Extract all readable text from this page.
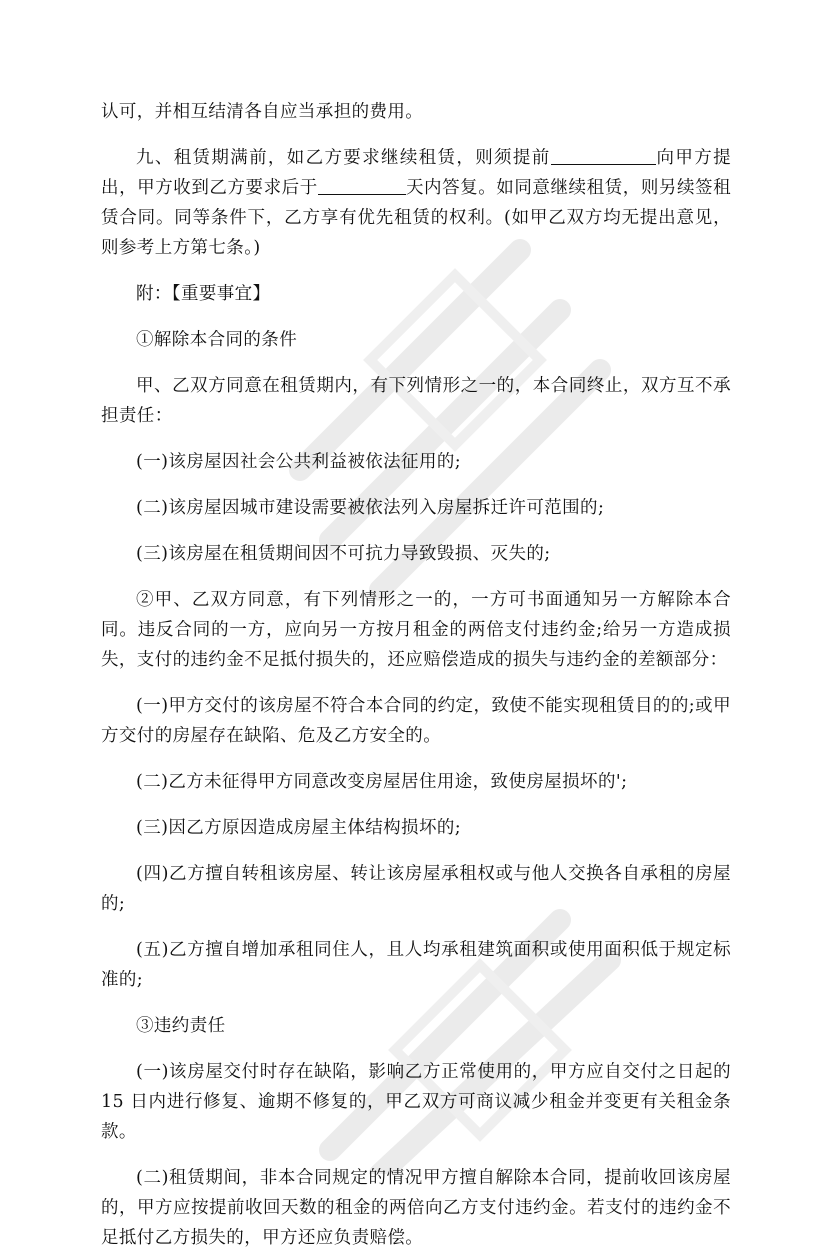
认可，并相互结清各自应当承担的费用。

九、租赁期满前，如乙方要求继续租赁，则须提前	向甲方提出，甲方收到乙方要求后于	天内答复。如同意继续租赁，则另续签租赁合同。同等条件下，乙方享有优先租赁的权利。(如甲乙双方均无提出意见，则参考上方第七条。)

附：【重要事宜】

①解除本合同的条件

甲、乙双方同意在租赁期内，有下列情形之一的，本合同终止，双方互不承担责任：

(一)该房屋因社会公共利益被依法征用的;

(二)该房屋因城市建设需要被依法列入房屋拆迁许可范围的;

(三)该房屋在租赁期间因不可抗力导致毁损、灭失的;

②甲、乙双方同意，有下列情形之一的，一方可书面通知另一方解除本合同。违反合同的一方，应向另一方按月租金的两倍支付违约金;给另一方造成损失，支付的违约金不足抵付损失的，还应赔偿造成的损失与违约金的差额部分：

(一)甲方交付的该房屋不符合本合同的约定，致使不能实现租赁目的的;或甲方交付的房屋存在缺陷、危及乙方安全的。

(二)乙方未征得甲方同意改变房屋居住用途，致使房屋损坏的';

(三)因乙方原因造成房屋主体结构损坏的;

(四)乙方擅自转租该房屋、转让该房屋承租权或与他人交换各自承租的房屋的;

(五)乙方擅自增加承租同住人，且人均承租建筑面积或使用面积低于规定标准的;

③违约责任

(一)该房屋交付时存在缺陷，影响乙方正常使用的，甲方应自交付之日起的 15 日内进行修复、逾期不修复的，甲乙双方可商议减少租金并变更有关租金条款。

(二)租赁期间，非本合同规定的情况甲方擅自解除本合同，提前收回该房屋的，甲方应按提前收回天数的租金的两倍向乙方支付违约金。若支付的违约金不足抵付乙方损失的，甲方还应负责赔偿。
